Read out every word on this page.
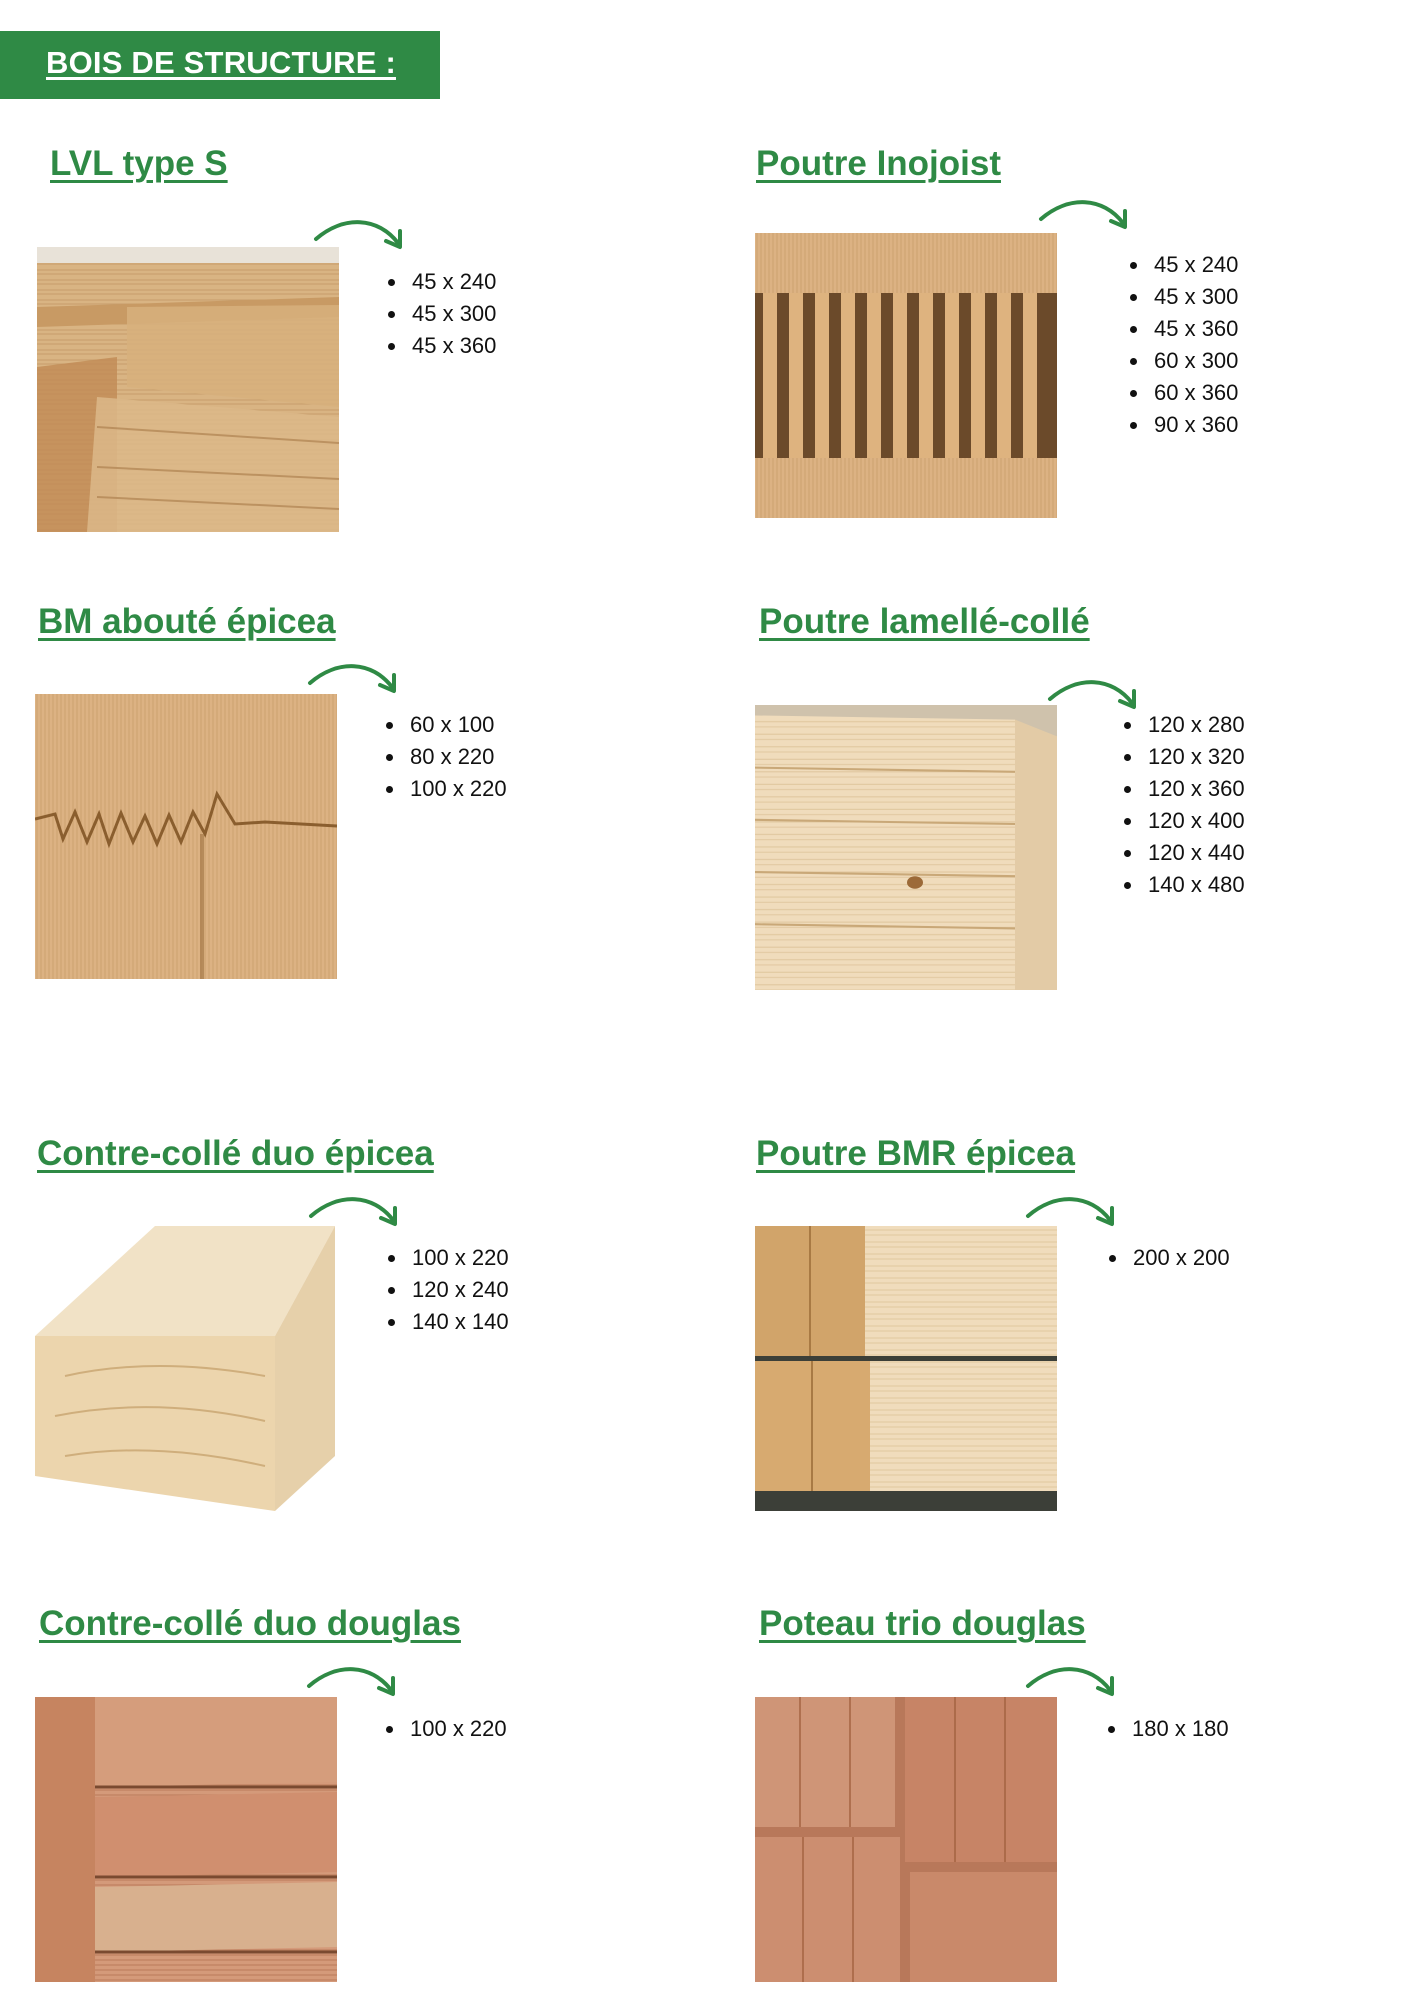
BOIS DE STRUCTURE :
LVL type S
• 45 x 240
• 45 x 300
• 45 x 360
Poutre Inojoist
• 45 x 240
• 45 x 300
• 45 x 360
• 60 x 300
• 60 x 360
• 90 x 360
BM abouté épicea
• 60 x 100
• 80 x 220
• 100 x 220
Poutre lamellé-collé
• 120 x 280
• 120 x 320
• 120 x 360
• 120 x 400
• 120 x 440
• 140 x 480
Contre-collé duo épicea
• 100 x 220
• 120 x 240
• 140 x 140
Poutre BMR épicea
• 200 x 200
Contre-collé duo douglas
• 100 x 220
Poteau trio douglas
• 180 x 180
